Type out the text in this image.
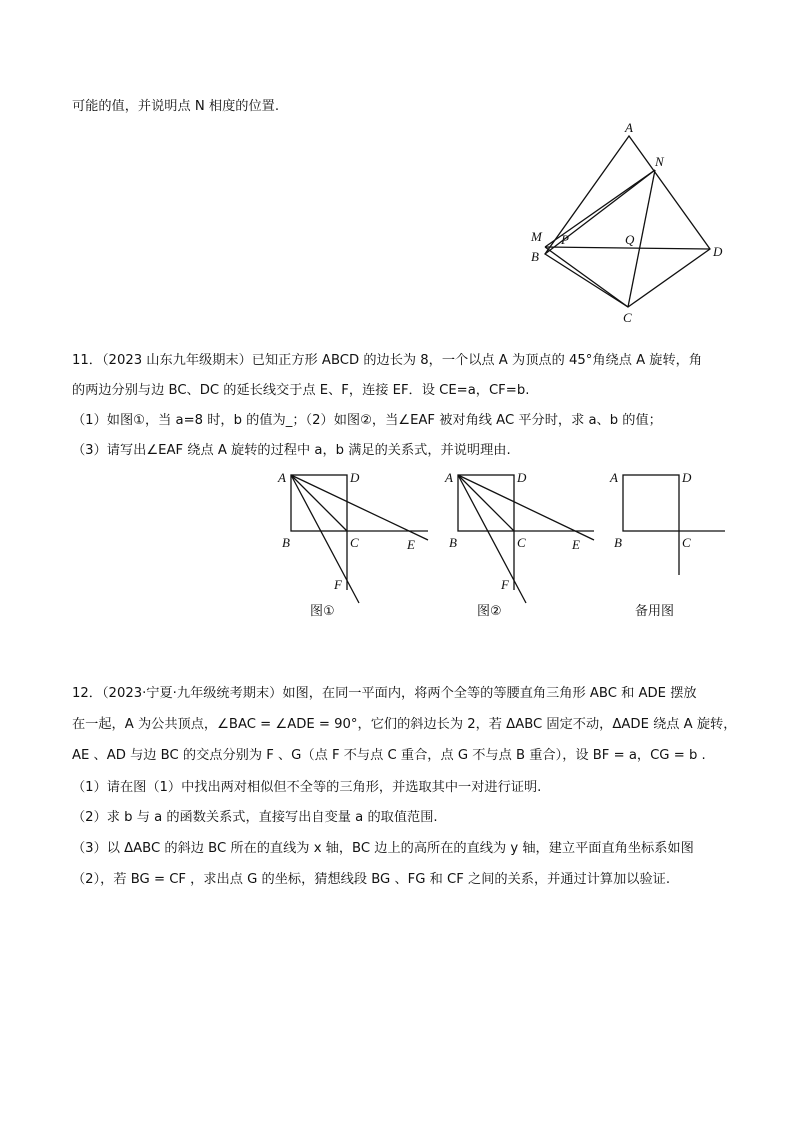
可能的值，并说明点 N 相度的位置.
A
N
M P	Q
B	D
C
11．（2023 山东九年级期末）已知正方形 ABCD 的边长为 8，一个以点 A 为顶点的 45°角绕点 A 旋转，角
的两边分别与边 BC、DC 的延长线交于点 E、F，连接 EF．设 CE=a，CF=b.
（1）如图①，当 a=8 时，b 的值为_；（2）如图②，当∠EAF 被对角线 AC 平分时，求 a、b 的值；
（3）请写出∠EAF 绕点 A 旋转的过程中 a，b 满足的关系式，并说明理由.
A	D
B	C	E
F
图①
A	D
B	C	E
F
图②
A	D
B	C
备用图
12．（2023·宁夏·九年级统考期末）如图，在同一平面内，将两个全等的等腰直角三角形 ABC 和 ADE 摆放
在一起，A 为公共顶点，∠BAC = ∠ADE = 90°，它们的斜边长为 2，若 ΔABC 固定不动，ΔADE 绕点 A 旋转，
AE 、AD 与边 BC 的交点分别为 F 、G（点 F 不与点 C 重合，点 G 不与点 B 重合），设 BF = a，CG = b .
（1）请在图（1）中找出两对相似但不全等的三角形，并选取其中一对进行证明.
（2）求 b 与 a 的函数关系式，直接写出自变量 a 的取值范围.
（3）以 ΔABC 的斜边 BC 所在的直线为 x 轴，BC 边上的高所在的直线为 y 轴，建立平面直角坐标系如图
（2），若 BG = CF ，求出点 G 的坐标，猜想线段 BG 、FG 和 CF 之间的关系，并通过计算加以验证.
